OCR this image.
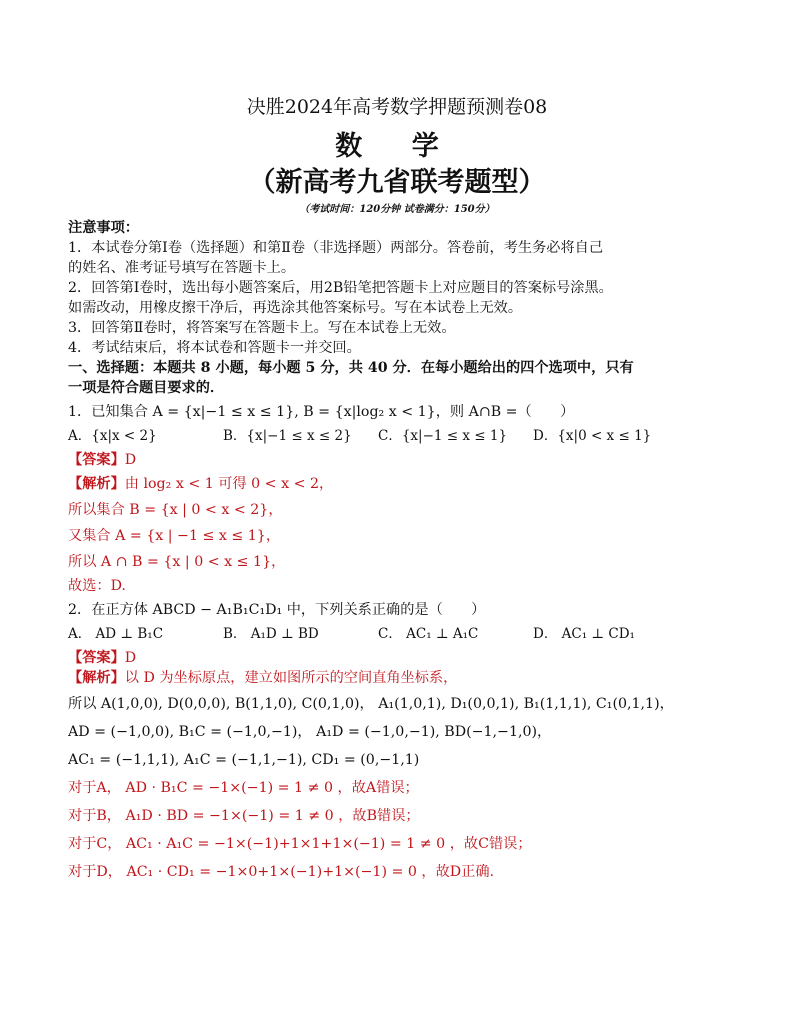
决胜2024年高考数学押题预测卷08
数 学
（新高考九省联考题型）
（考试时间：120分钟 试卷满分：150分）
注意事项：
1．本试卷分第Ⅰ卷（选择题）和第Ⅱ卷（非选择题）两部分。答卷前，考生务必将自己
的姓名、准考证号填写在答题卡上。
2．回答第Ⅰ卷时，选出每小题答案后，用2B铅笔把答题卡上对应题目的答案标号涂黑。
如需改动，用橡皮擦干净后，再选涂其他答案标号。写在本试卷上无效。
3．回答第Ⅱ卷时，将答案写在答题卡上。写在本试卷上无效。
4．考试结束后，将本试卷和答题卡一并交回。
一、选择题：本题共 8 小题，每小题 5 分，共 40 分．在每小题给出的四个选项中，只有
一项是符合题目要求的．
1．已知集合 A = {x|−1 ≤ x ≤ 1}, B = {x|log₂ x < 1}，则 A∩B =（　　）
A．{x|x < 2}	B．{x|−1 ≤ x ≤ 2}	C．{x|−1 ≤ x ≤ 1}	D．{x|0 < x ≤ 1}
【答案】D
【解析】由 log₂ x < 1 可得 0 < x < 2，
所以集合 B = {x | 0 < x < 2}，
又集合 A = {x | −1 ≤ x ≤ 1}，
所以 A ∩ B = {x | 0 < x ≤ 1}，
故选：D.
2．在正方体 ABCD − A₁B₁C₁D₁ 中，下列关系正确的是（　　）
A． AD ⊥ B₁C	B． A₁D ⊥ BD	C． AC₁ ⊥ A₁C	D． AC₁ ⊥ CD₁
【答案】D
【解析】以 D 为坐标原点，建立如图所示的空间直角坐标系，
所以 A(1,0,0), D(0,0,0), B(1,1,0), C(0,1,0)， A₁(1,0,1), D₁(0,0,1), B₁(1,1,1), C₁(0,1,1)，
AD = (−1,0,0), B₁C = (−1,0,−1)， A₁D = (−1,0,−1), BD(−1,−1,0)，
AC₁ = (−1,1,1), A₁C = (−1,1,−1), CD₁ = (0,−1,1)
对于A， AD · B₁C = −1×(−1) = 1 ≠ 0 ，故A错误；
对于B， A₁D · BD = −1×(−1) = 1 ≠ 0 ，故B错误；
对于C， AC₁ · A₁C = −1×(−1)+1×1+1×(−1) = 1 ≠ 0 ，故C错误；
对于D， AC₁ · CD₁ = −1×0+1×(−1)+1×(−1) = 0 ，故D正确.
